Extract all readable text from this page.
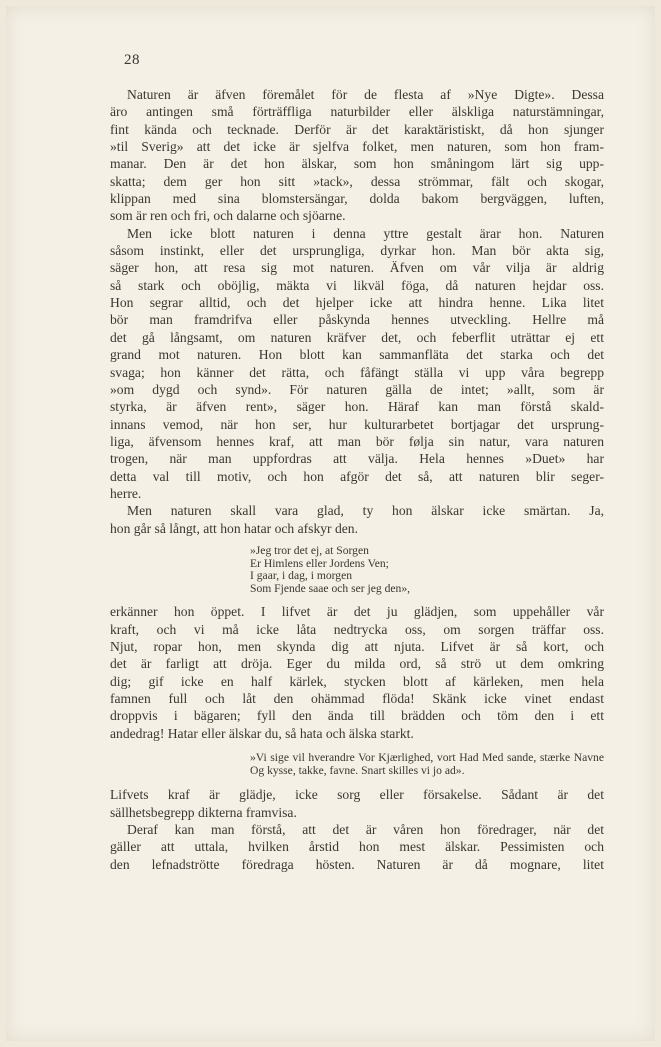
28
Naturen är äfven föremålet för de flesta af »Nye Digte». Dessa
äro antingen små förträffliga naturbilder eller älskliga naturstämningar,
fint kända och tecknade. Derför är det karaktäristiskt, då hon sjunger
»til Sverig» att det icke är sjelfva folket, men naturen, som hon fram-
manar. Den är det hon älskar, som hon småningom lärt sig upp-
skatta; dem ger hon sitt »tack», dessa strömmar, fält och skogar,
klippan med sina blomstersängar, dolda bakom bergväggen, luften,
som är ren och fri, och dalarne och sjöarne.
Men icke blott naturen i denna yttre gestalt ärar hon. Naturen
såsom instinkt, eller det ursprungliga, dyrkar hon. Man bör akta sig,
säger hon, att resa sig mot naturen. Äfven om vår vilja är aldrig
så stark och oböjlig, mäkta vi likväl föga, då naturen hejdar oss.
Hon segrar alltid, och det hjelper icke att hindra henne. Lika litet
bör man framdrifva eller påskynda hennes utveckling. Hellre må
det gå långsamt, om naturen kräfver det, och feberflit uträttar ej ett
grand mot naturen. Hon blott kan sammanfläta det starka och det
svaga; hon känner det rätta, och fåfängt ställa vi upp våra begrepp
»om dygd och synd». För naturen gälla de intet; »allt, som är
styrka, är äfven rent», säger hon. Häraf kan man förstå skald-
innans vemod, när hon ser, hur kulturarbetet bortjagar det ursprung-
liga, äfvensom hennes kraf, att man bör følja sin natur, vara naturen
trogen, när man uppfordras att välja. Hela hennes »Duet» har
detta val till motiv, och hon afgör det så, att naturen blir seger-
herre.
Men naturen skall vara glad, ty hon älskar icke smärtan. Ja,
hon går så långt, att hon hatar och afskyr den.
»Jeg tror det ej, at Sorgen
Er Himlens eller Jordens Ven;
I gaar, i dag, i morgen
Som Fjende saae och ser jeg den»,
erkänner hon öppet. I lifvet är det ju glädjen, som uppehåller vår
kraft, och vi må icke låta nedtrycka oss, om sorgen träffar oss.
Njut, ropar hon, men skynda dig att njuta. Lifvet är så kort, och
det är farligt att dröja. Eger du milda ord, så strö ut dem omkring
dig; gif icke en half kärlek, stycken blott af kärleken, men hela
famnen full och låt den ohämmad flöda! Skänk icke vinet endast
droppvis i bägaren; fyll den ända till brädden och töm den i ett
andedrag! Hatar eller älskar du, så hata och älska starkt.
»Vi sige vil hverandre Vor Kjærlighed, vort Had Med sande, stærke Navne Og kysse, takke, favne. Snart skilles vi jo ad».
Lifvets kraf är glädje, icke sorg eller försakelse. Sådant är det
sällhetsbegrepp dikterna framvisa.
Deraf kan man förstå, att det är våren hon föredrager, när det
gäller att uttala, hvilken årstid hon mest älskar. Pessimisten och
den lefnadströtte föredraga hösten. Naturen är då mognare, litet
